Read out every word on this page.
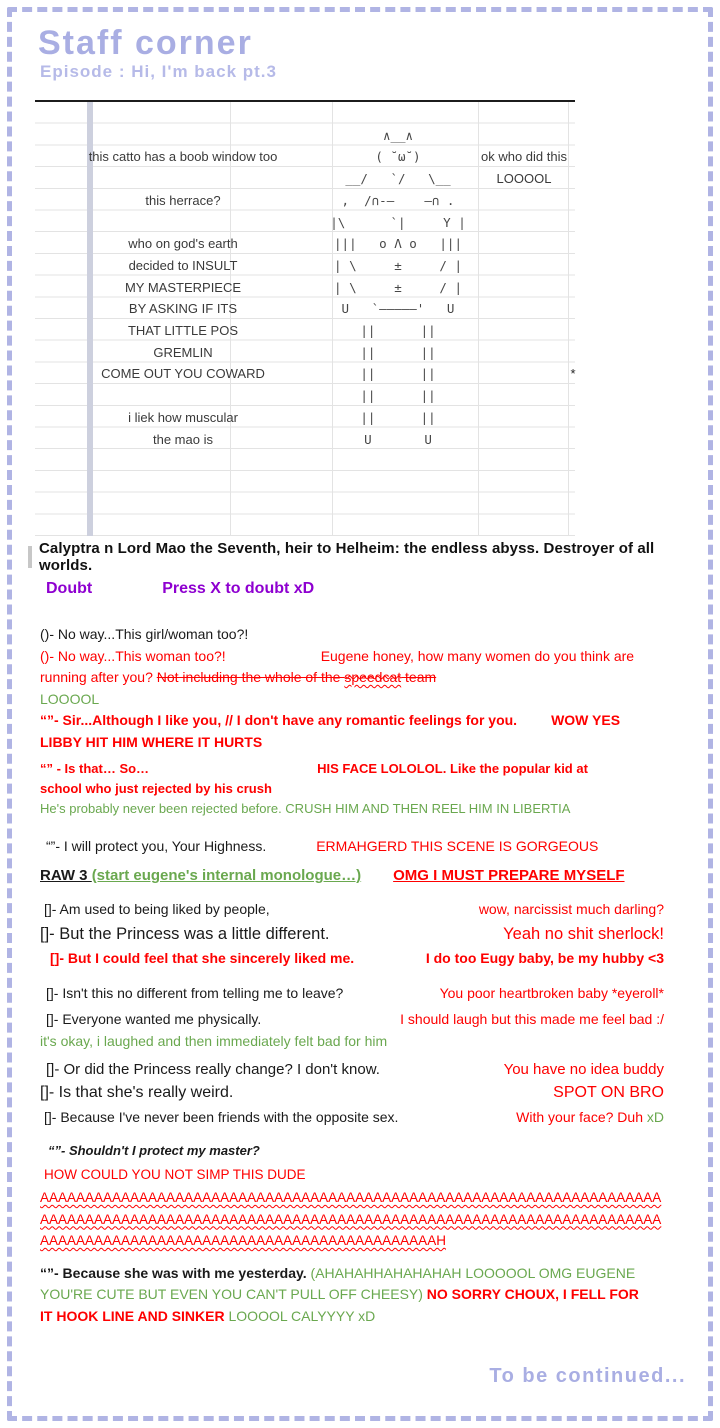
Staff corner
Episode : Hi, I'm back pt.3
∧__∧
this catto has a boob window too	( ˘ω˘)	ok who did this
__/   `/   \__	LOOOOL
this herrace?	,  /∩-—    —∩ .
|\      `|     Y |
who on god's earth	|||   o Λ o   |||
decided to INSULT	| \     ±     / |
MY MASTERPIECE	| \     ±     / |
BY ASKING IF ITS	U   `—————'   U
THAT LITTLE POS	||      ||
GREMLIN	||      ||
COME OUT YOU COWARD	||      ||	*
||      ||
i liek how muscular	||      ||
the mao is	U       U
Calyptra n Lord Mao the Seventh, heir to Helheim: the endless abyss. Destroyer of all worlds.
Doubt	Press X to doubt xD
()- No way...This girl/woman too?!
()- No way...This woman too?!	Eugene honey, how many women do you think are
running after you? Not including the whole of the speedcat team
LOOOOL
“”- Sir...Although I like you, // I don't have any romantic feelings for you. WOW YES
LIBBY HIT HIM WHERE IT HURTS
“” - Is that… So…	HIS FACE LOLOLOL. Like the popular kid at
school who just rejected by his crush
He's probably never been rejected before. CRUSH HIM AND THEN REEL HIM IN LIBERTIA
“”- I will protect you, Your Highness.	ERMAHGERD THIS SCENE IS GORGEOUS
RAW 3 (start eugene's internal monologue…) OMG I MUST PREPARE MYSELF
[]- Am used to being liked by people,	wow, narcissist much darling?
[]- But the Princess was a little different.	Yeah no shit sherlock!
[]- But I could feel that she sincerely liked me.	I do too Eugy baby, be my hubby <3
[]- Isn't this no different from telling me to leave?	You poor heartbroken baby *eyeroll*
[]- Everyone wanted me physically.	I should laugh but this made me feel bad :/
it's okay, i laughed and then immediately felt bad for him
[]- Or did the Princess really change? I don't know.	You have no idea buddy
[]- Is that she's really weird.	SPOT ON BRO
[]- Because I've never been friends with the opposite sex.	With your face? Duh xD
“”- Shouldn't I protect my master?
HOW COULD YOU NOT SIMP THIS DUDE
AAAAAAAAAAAAAAAAAAAAAAAAAAAAAAAAAAAAAAAAAAAAAAAAAAAAAAAAAAAAAAAAAAAAAAAAAAAAAAAAAAAAAAAAAAAAAAAAAAAAAAAAAAAAAAAAAAAAAAAAAAAAAAAAAAAAAAAAAAAAAAAAAAAAAAAAAAAAAAAAAAAAAAAAAAAAAAAAAAAAAAH
“”- Because she was with me yesterday. (AHAHAHHAHAHAHAH LOOOOOL OMG EUGENE
YOU'RE CUTE BUT EVEN YOU CAN'T PULL OFF CHEESY) NO SORRY CHOUX, I FELL FOR
IT HOOK LINE AND SINKER LOOOOL CALYYYY xD
To be continued...
